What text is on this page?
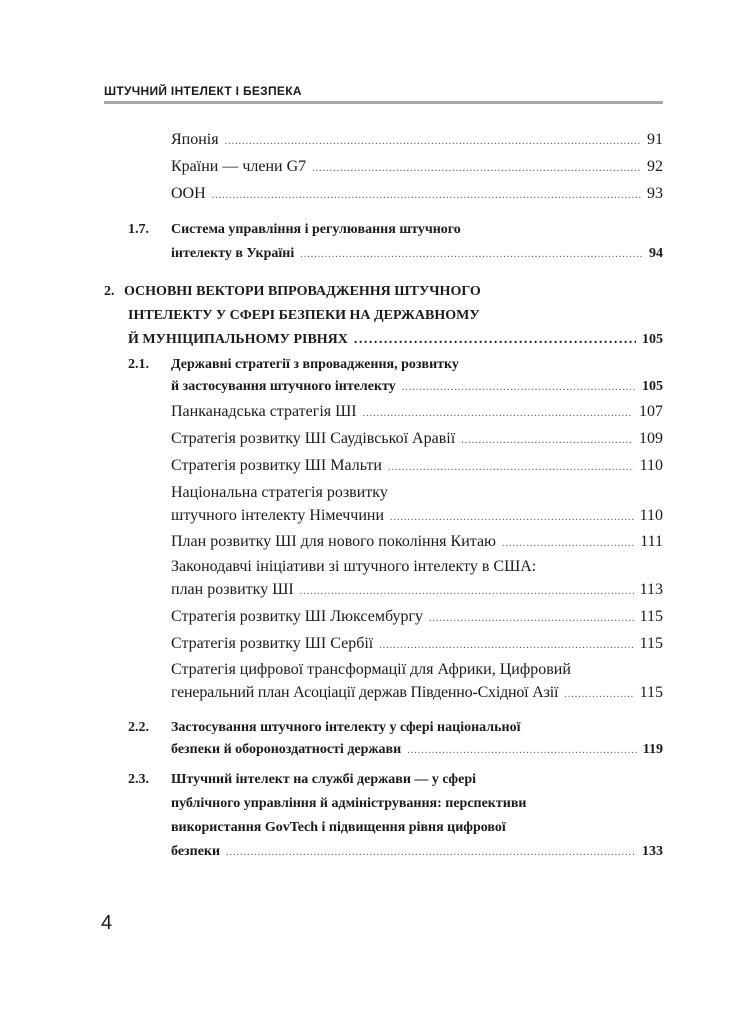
ШТУЧНИЙ ІНТЕЛЕКТ І БЕЗПЕКА
Японія .....	91
Країни — члени G7 .....	92
ООН .....	93
1.7. Система управління і регулювання штучного
інтелекту в Україні .....	94
2. ОСНОВНІ ВЕКТОРИ ВПРОВАДЖЕННЯ ШТУЧНОГО
ІНТЕЛЕКТУ У СФЕРІ БЕЗПЕКИ НА ДЕРЖАВНОМУ
Й МУНІЦИПАЛЬНОМУ РІВНЯХ .....	105
2.1. Державні стратегії з впровадження, розвитку
й застосування штучного інтелекту .....	105
Панканадська стратегія ШІ .....	107
Стратегія розвитку ШІ Саудівської Аравії .....	109
Стратегія розвитку ШІ Мальти .....	110
Національна стратегія розвитку
штучного інтелекту Німеччини .....	110
План розвитку ШІ для нового покоління Китаю .....	111
Законодавчі ініціативи зі штучного інтелекту в США:
план розвитку ШІ .....	113
Стратегія розвитку ШІ Люксембургу .....	115
Стратегія розвитку ШІ Сербії .....	115
Стратегія цифрової трансформації для Африки, Цифровий
генеральний план Асоціації держав Південно-Східної Азії .....	115
2.2. Застосування штучного інтелекту у сфері національної
безпеки й обороноздатності держави .....	119
2.3. Штучний інтелект на службі держави — у сфері
публічного управління й адміністрування: перспективи
використання GovTech і підвищення рівня цифрової
безпеки .....	133
4
